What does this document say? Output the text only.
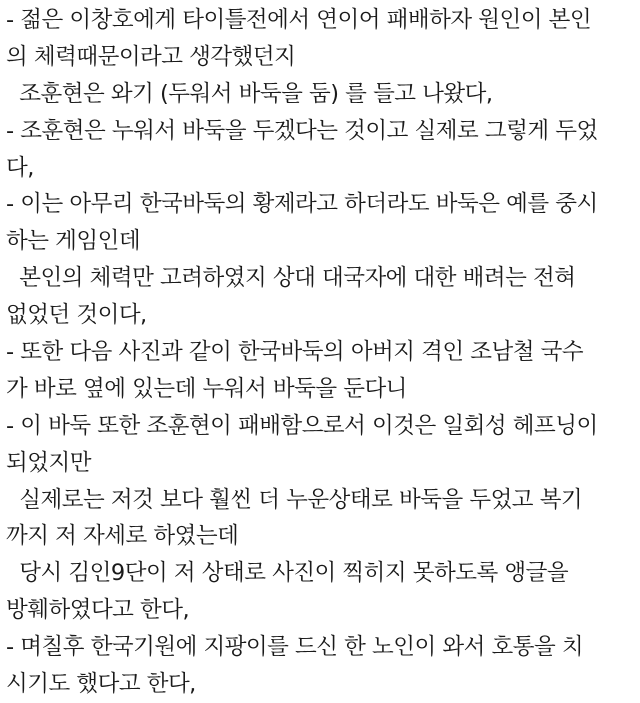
- 젊은 이창호에게 타이틀전에서 연이어 패배하자 원인이 본인
의 체력때문이라고 생각했던지
조훈현은 와기 (두워서 바둑을 둠) 를 들고 나왔다,
- 조훈현은 누워서 바둑을 두겠다는 것이고 실제로 그렇게 두었
다,
- 이는 아무리 한국바둑의 황제라고 하더라도 바둑은 예를 중시
하는 게임인데
본인의 체력만 고려하였지 상대 대국자에 대한 배려는 전혀
없었던 것이다,
- 또한 다음 사진과 같이 한국바둑의 아버지 격인 조남철 국수
가 바로 옆에 있는데 누워서 바둑을 둔다니
- 이 바둑 또한 조훈현이 패배함으로서 이것은 일회성 헤프닝이
되었지만
실제로는 저것 보다 훨씬 더 누운상태로 바둑을 두었고 복기
까지 저 자세로 하였는데
당시 김인9단이 저 상태로 사진이 찍히지 못하도록 앵글을
방훼하였다고 한다,
- 며칠후 한국기원에 지팡이를 드신 한 노인이 와서 호통을 치
시기도 했다고 한다,
